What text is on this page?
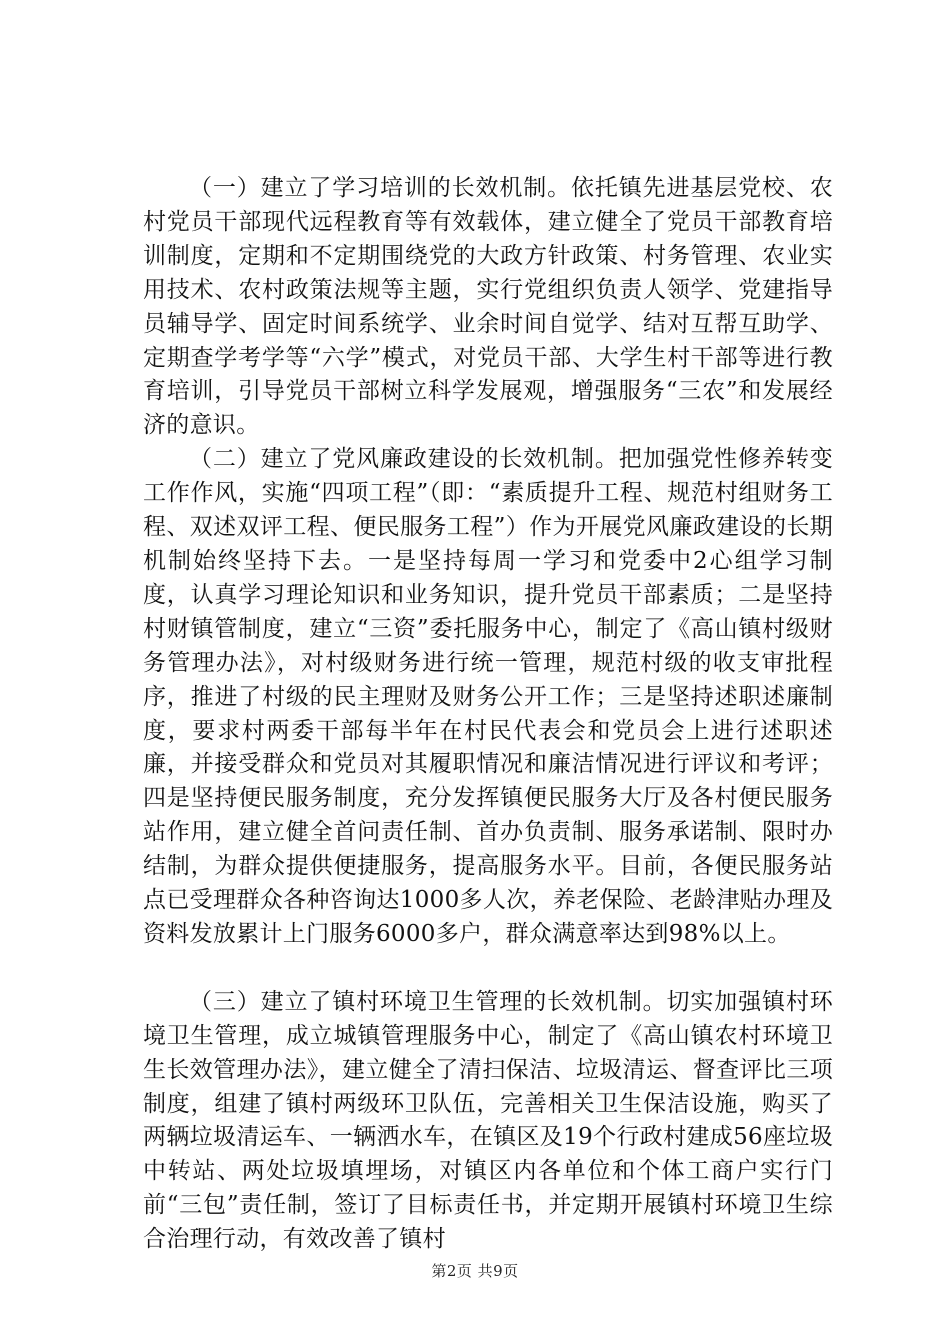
（一）建立了学习培训的长效机制。依托镇先进基层党校、农村党员干部现代远程教育等有效载体，建立健全了党员干部教育培训制度，定期和不定期围绕党的大政方针政策、村务管理、农业实用技术、农村政策法规等主题，实行党组织负责人领学、党建指导员辅导学、固定时间系统学、业余时间自觉学、结对互帮互助学、定期查学考学等“六学”模式，对党员干部、大学生村干部等进行教育培训，引导党员干部树立科学发展观，增强服务“三农”和发展经济的意识。

（二）建立了党风廉政建设的长效机制。把加强党性修养转变工作作风，实施“四项工程”（即：“素质提升工程、规范村组财务工程、双述双评工程、便民服务工程”）作为开展党风廉政建设的长期机制始终坚持下去。一是坚持每周一学习和党委中2心组学习制度，认真学习理论知识和业务知识，提升党员干部素质；二是坚持村财镇管制度，建立“三资”委托服务中心，制定了《高山镇村级财务管理办法》，对村级财务进行统一管理，规范村级的收支审批程序，推进了村级的民主理财及财务公开工作；三是坚持述职述廉制度，要求村两委干部每半年在村民代表会和党员会上进行述职述廉，并接受群众和党员对其履职情况和廉洁情况进行评议和考评；四是坚持便民服务制度，充分发挥镇便民服务大厅及各村便民服务站作用，建立健全首问责任制、首办负责制、服务承诺制、限时办结制，为群众提供便捷服务，提高服务水平。目前，各便民服务站点已受理群众各种咨询达1000多人次，养老保险、老龄津贴办理及资料发放累计上门服务6000多户，群众满意率达到98%以上。

（三）建立了镇村环境卫生管理的长效机制。切实加强镇村环境卫生管理，成立城镇管理服务中心，制定了《高山镇农村环境卫生长效管理办法》，建立健全了清扫保洁、垃圾清运、督查评比三项制度，组建了镇村两级环卫队伍，完善相关卫生保洁设施，购买了两辆垃圾清运车、一辆洒水车，在镇区及19个行政村建成56座垃圾中转站、两处垃圾填埋场，对镇区内各单位和个体工商户实行门前“三包”责任制，签订了目标责任书，并定期开展镇村环境卫生综合治理行动，有效改善了镇村

第2页 共9页
